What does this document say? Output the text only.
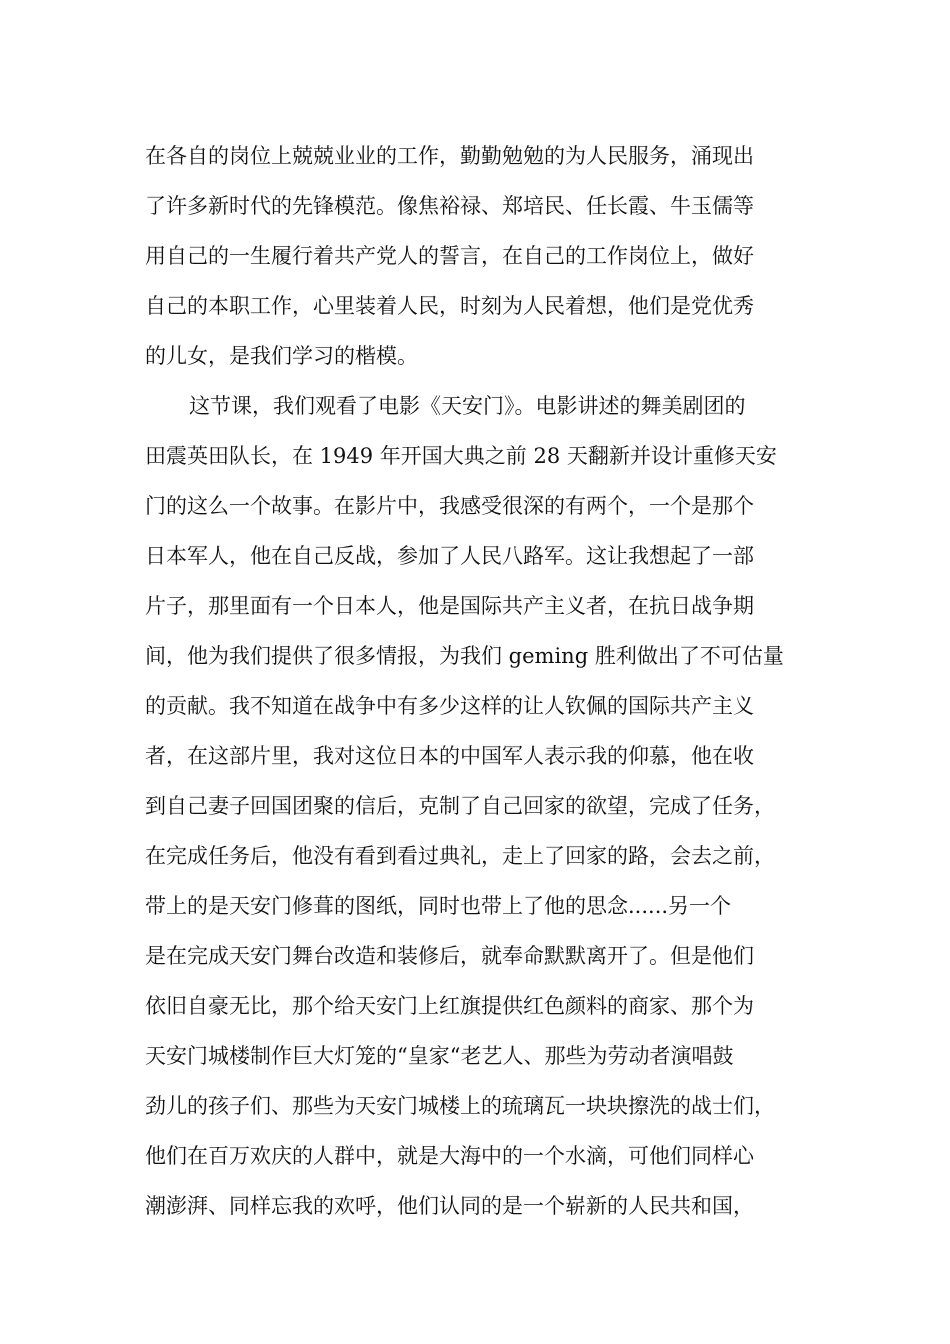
在各自的岗位上兢兢业业的工作，勤勤勉勉的为人民服务，涌现出
了许多新时代的先锋模范。像焦裕禄、郑培民、任长霞、牛玉儒等
用自己的一生履行着共产党人的誓言，在自己的工作岗位上，做好
自己的本职工作，心里装着人民，时刻为人民着想，他们是党优秀
的儿女，是我们学习的楷模。
这节课，我们观看了电影《天安门》。电影讲述的舞美剧团的
田震英田队长，在 1949 年开国大典之前 28 天翻新并设计重修天安
门的这么一个故事。在影片中，我感受很深的有两个，一个是那个
日本军人，他在自己反战，参加了人民八路军。这让我想起了一部
片子，那里面有一个日本人，他是国际共产主义者，在抗日战争期
间，他为我们提供了很多情报，为我们 geming 胜利做出了不可估量
的贡献。我不知道在战争中有多少这样的让人钦佩的国际共产主义
者，在这部片里，我对这位日本的中国军人表示我的仰慕，他在收
到自己妻子回国团聚的信后，克制了自己回家的欲望，完成了任务，
在完成任务后，他没有看到看过典礼，走上了回家的路，会去之前，
带上的是天安门修葺的图纸，同时也带上了他的思念......另一个
是在完成天安门舞台改造和装修后，就奉命默默离开了。但是他们
依旧自豪无比，那个给天安门上红旗提供红色颜料的商家、那个为
天安门城楼制作巨大灯笼的“皇家“老艺人、那些为劳动者演唱鼓
劲儿的孩子们、那些为天安门城楼上的琉璃瓦一块块擦洗的战士们，
他们在百万欢庆的人群中，就是大海中的一个水滴，可他们同样心
潮澎湃、同样忘我的欢呼，他们认同的是一个崭新的人民共和国，
